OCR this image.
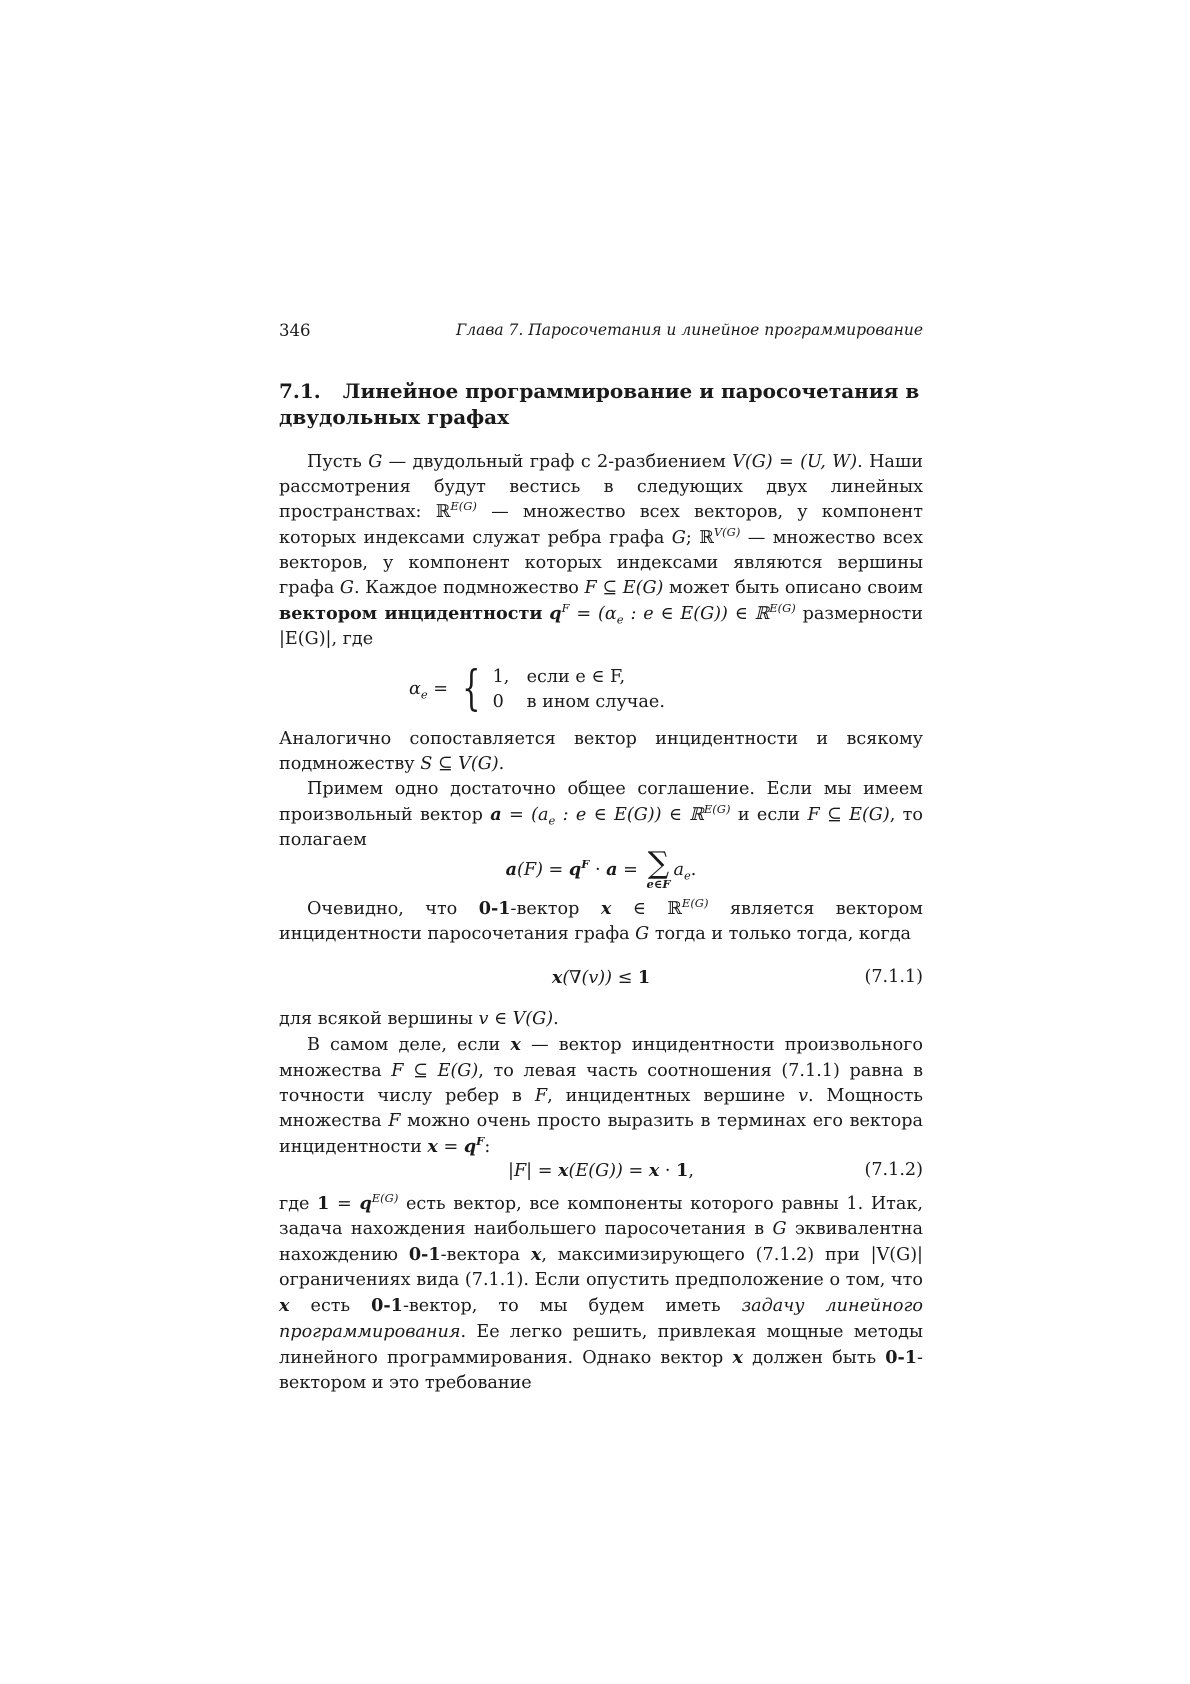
346	Глава 7. Паросочетания и линейное программирование
7.1. Линейное программирование и паросочетания в двудольных графах

Пусть G — двудольный граф с 2-разбиением V(G) = (U, W). Наши рассмотрения будут вестись в следующих двух линейных пространствах: ℝ$^{E(G)}$ — множество всех векторов, у компонент которых индексами служат ребра графа G; ℝ$^{V(G)}$ — множество всех векторов, у компонент которых индексами являются вершины графа G. Каждое подмножество F ⊆ E(G) может быть описано своим вектором инцидентности $q^F = (\alpha_e$ : e ∈ E(G)) ∈ ℝ$^{E(G)}$ размерности |E(G)|, где

$\alpha_e$ = { 1, если e ∈ F,
0 в ином случае.

Аналогично сопоставляется вектор инцидентности и всякому подмножеству S ⊆ V(G).

Примем одно достаточно общее соглашение. Если мы имеем произвольный вектор $a = (a_e$ : e ∈ E(G)) ∈ ℝ$^{E(G)}$ и если F ⊆ E(G), то полагаем

$a(F) = q^F \cdot a$ = ∑
e∈F
$a_e$.

Очевидно, что 0-1-вектор x ∈ ℝ$^{E(G)}$ является вектором инцидентности паросочетания графа G тогда и только тогда, когда

x(∇(v)) ≤ 1	(7.1.1)

для всякой вершины v ∈ V(G).

В самом деле, если x — вектор инцидентности произвольного множества F ⊆ E(G), то левая часть соотношения (7.1.1) равна в точности числу ребер в F, инцидентных вершине v. Мощность множества F можно очень просто выразить в терминах его вектора инцидентности $x = q^F$:

|F| = x(E(G)) = x · 1,	(7.1.2)

где $1 = q^{E(G)}$ есть вектор, все компоненты которого равны 1. Итак, задача нахождения наибольшего паросочетания в G эквивалентна нахождению 0-1-вектора x, максимизирующего (7.1.2) при |V(G)| ограничениях вида (7.1.1). Если опустить предположение о том, что x есть 0-1-вектор, то мы будем иметь задачу линейного программирования. Ее легко решить, привлекая мощные методы линейного программирования. Однако вектор x должен быть 0-1-вектором и это требование
